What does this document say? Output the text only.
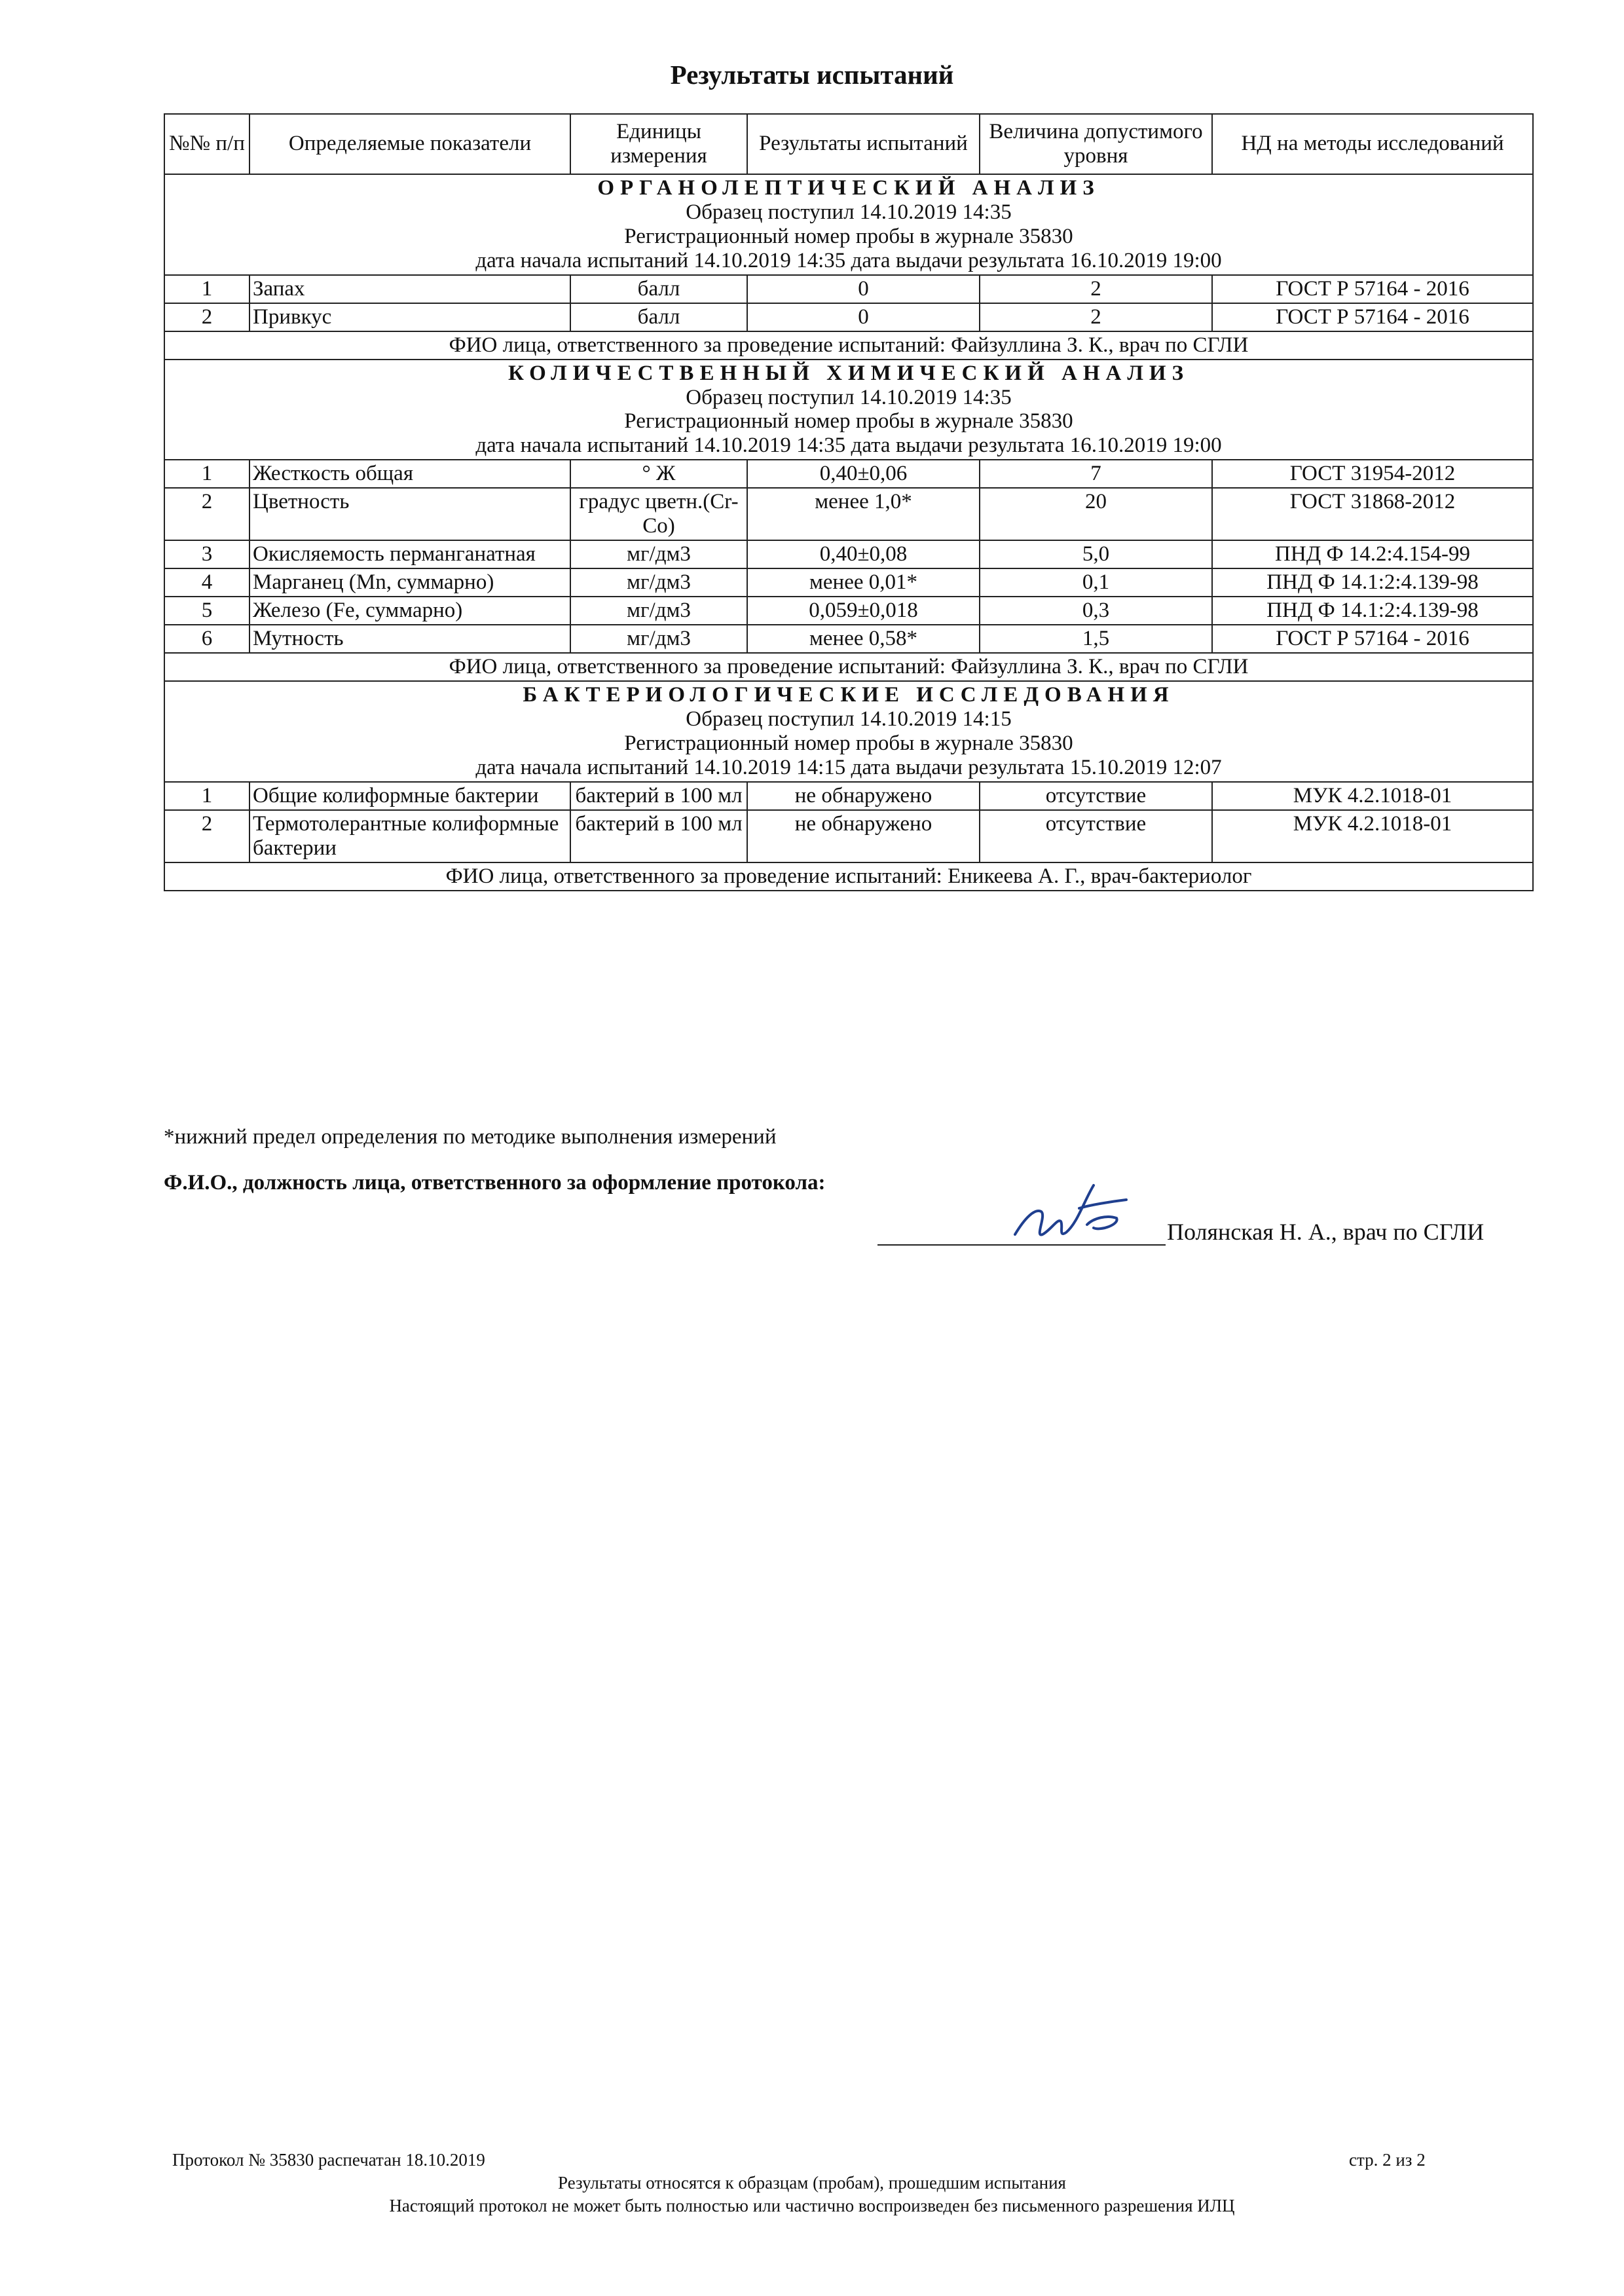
Результаты испытаний
№№ п/п	Определяемые показатели	Единицы измерения	Результаты испытаний	Величина допустимого уровня	НД на методы исследований

ОРГАНОЛЕПТИЧЕСКИЙ АНАЛИЗ
Образец поступил 14.10.2019 14:35
Регистрационный номер пробы в журнале 35830
дата начала испытаний 14.10.2019 14:35 дата выдачи результата 16.10.2019 19:00					

1	Запах	балл	0	2	ГОСТ Р 57164 - 2016
2	Привкус	балл	0	2	ГОСТ Р 57164 - 2016
ФИО лица, ответственного за проведение испытаний: Файзуллина З. К., врач по СГЛИ					

КОЛИЧЕСТВЕННЫЙ ХИМИЧЕСКИЙ АНАЛИЗ
Образец поступил 14.10.2019 14:35
Регистрационный номер пробы в журнале 35830
дата начала испытаний 14.10.2019 14:35 дата выдачи результата 16.10.2019 19:00					

1	Жесткость общая	° Ж	0,40±0,06	7	ГОСТ 31954-2012
2	Цветность	градус цветн.(Cr-Co)	менее 1,0*	20	ГОСТ 31868-2012
3	Окисляемость перманганатная	мг/дм3	0,40±0,08	5,0	ПНД Ф 14.2:4.154-99
4	Марганец (Mn, суммарно)	мг/дм3	менее 0,01*	0,1	ПНД Ф 14.1:2:4.139-98
5	Железо (Fe, суммарно)	мг/дм3	0,059±0,018	0,3	ПНД Ф 14.1:2:4.139-98
6	Мутность	мг/дм3	менее 0,58*	1,5	ГОСТ Р 57164 - 2016
ФИО лица, ответственного за проведение испытаний: Файзуллина З. К., врач по СГЛИ					

БАКТЕРИОЛОГИЧЕСКИЕ ИССЛЕДОВАНИЯ
Образец поступил 14.10.2019 14:15
Регистрационный номер пробы в журнале 35830
дата начала испытаний 14.10.2019 14:15 дата выдачи результата 15.10.2019 12:07					

1	Общие колиформные бактерии	бактерий в 100 мл	не обнаружено	отсутствие	МУК 4.2.1018-01
2	Термотолерантные колиформные бактерии	бактерий в 100 мл	не обнаружено	отсутствие	МУК 4.2.1018-01
ФИО лица, ответственного за проведение испытаний: Еникеева А. Г., врач-бактериолог					
*нижний предел определения по методике выполнения измерений
Ф.И.О., должность лица, ответственного за оформление протокола:
Полянская Н. А., врач по СГЛИ
Протокол № 35830 распечатан 18.10.2019	стр. 2 из 2
Результаты относятся к образцам (пробам), прошедшим испытания
Настоящий протокол не может быть полностью или частично воспроизведен без письменного разрешения ИЛЦ
